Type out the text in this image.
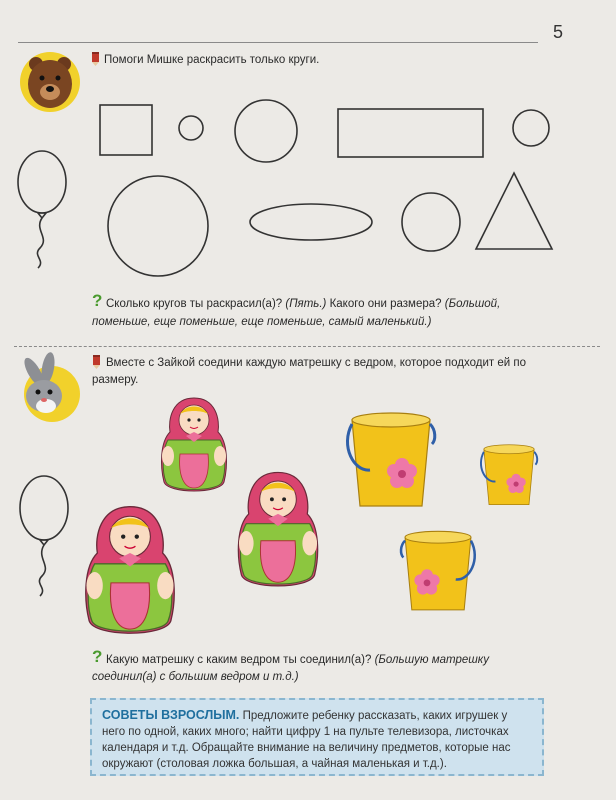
5
Помоги Мишке раскрасить только круги.
? Сколько кругов ты раскрасил(а)? (Пять.) Какого они размера? (Большой,
поменьше, еще поменьше, еще поменьше, самый маленький.)
Вместе с Зайкой соедини каждую матрешку с ведром, которое подходит ей по
размеру.
? Какую матрешку с каким ведром ты соединил(а)? (Большую матрешку
соединил(а) с большим ведром и т.д.)
СОВЕТЫ ВЗРОСЛЫМ. Предложите ребенку рассказать, каких игрушек у
него по одной, каких много; найти цифру 1 на пульте телевизора, листочках
календаря и т.д. Обращайте внимание на величину предметов, которые нас
окружают (столовая ложка большая, а чайная маленькая и т.д.).
